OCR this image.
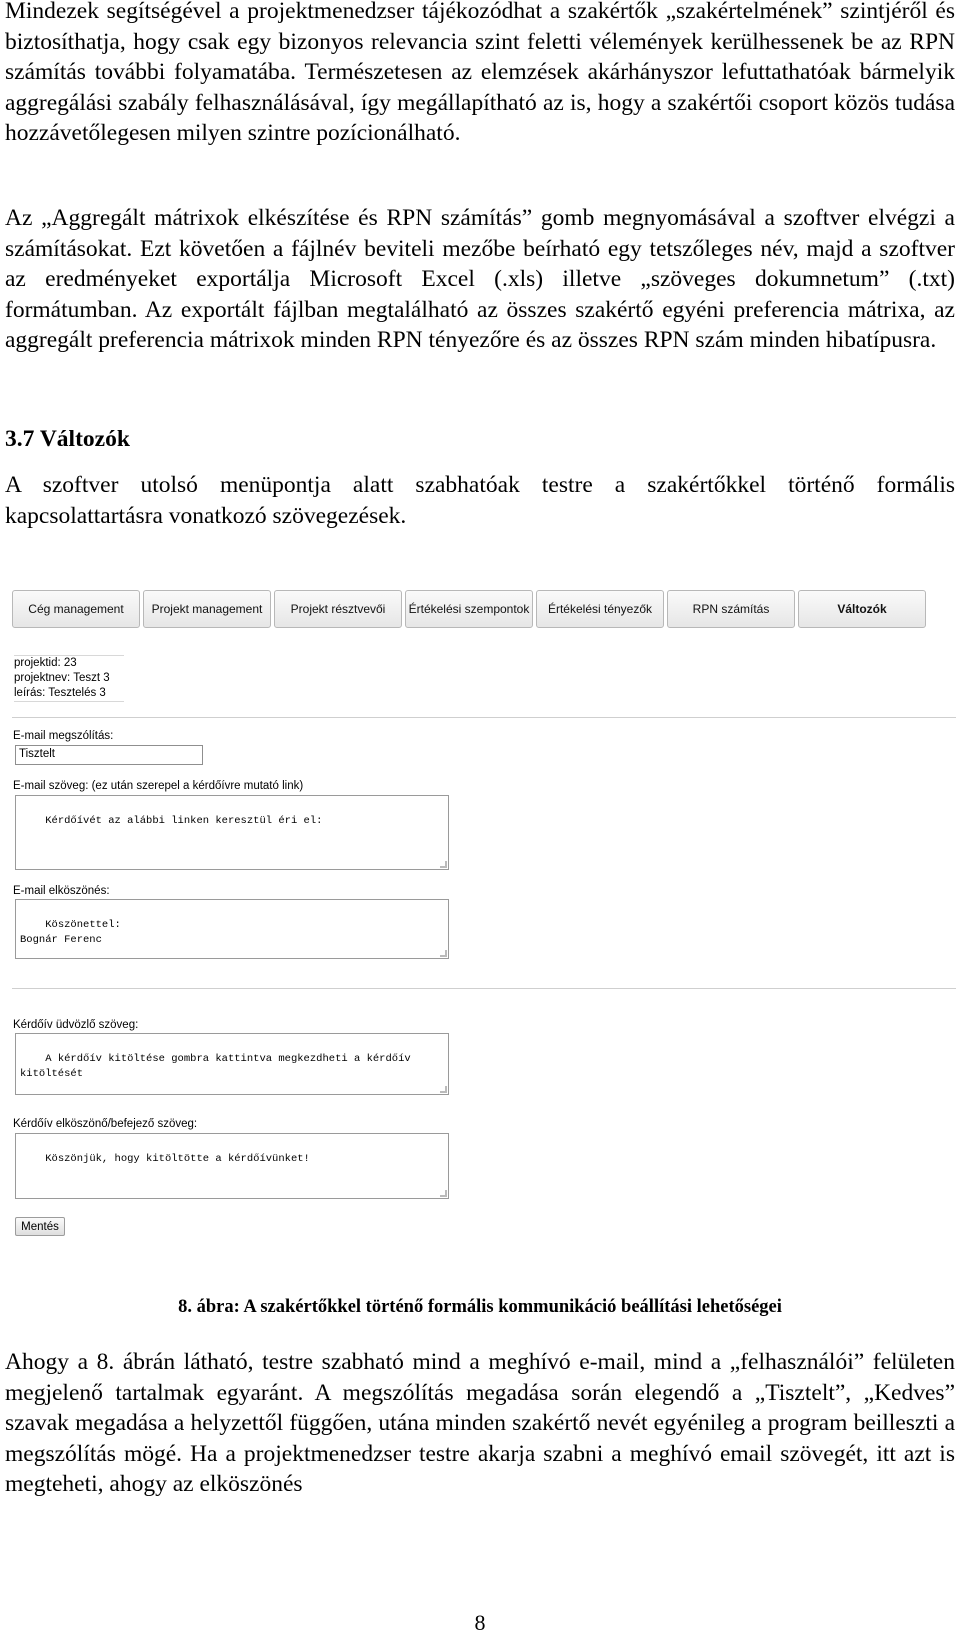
Mindezek segítségével a projektmenedzser tájékozódhat a szakértők „szakértelmének” szintjéről és biztosíthatja, hogy csak egy bizonyos relevancia szint feletti vélemények kerülhessenek be az RPN számítás további folyamatába. Természetesen az elemzések akárhányszor lefuttathatóak bármelyik aggregálási szabály felhasználásával, így megállapítható az is, hogy a szakértői csoport közös tudása hozzávetőlegesen milyen szintre pozícionálható.

Az „Aggregált mátrixok elkészítése és RPN számítás” gomb megnyomásával a szoftver elvégzi a számításokat. Ezt követően a fájlnév beviteli mezőbe beírható egy tetszőleges név, majd a szoftver az eredményeket exportálja Microsoft Excel (.xls) illetve „szöveges dokumnetum” (.txt) formátumban. Az exportált fájlban megtalálható az összes szakértő egyéni preferencia mátrixa, az aggregált preferencia mátrixok minden RPN tényezőre és az összes RPN szám minden hibatípusra.

3.7 Változók

A szoftver utolsó menüpontja alatt szabhatóak testre a szakértőkkel történő formális kapcsolattartásra vonatkozó szövegezések.

Cég management	Projekt management	Projekt résztvevői	Értékelési szempontok	Értékelési tényezők	RPN számítás	Változók
projektid: 23
projektnev: Teszt 3
leírás: Tesztelés 3
E-mail megszólítás:
Tisztelt
E-mail szöveg: (ez után szerepel a kérdőívre mutató link)

Kérdőívét az alábbi linken keresztül éri el:

E-mail elköszönés:

Köszönettel:
Bognár Ferenc

Kérdőív üdvözlő szöveg:

A kérdőív kitöltése gombra kattintva megkezdheti a kérdőív
kitöltését

Kérdőív elköszönő/befejező szöveg:

Köszönjük, hogy kitöltötte a kérdőívünket!

Mentés
8. ábra: A szakértőkkel történő formális kommunikáció beállítási lehetőségei

Ahogy a 8. ábrán látható, testre szabható mind a meghívó e-mail, mind a „felhasználói” felületen megjelenő tartalmak egyaránt. A megszólítás megadása során elegendő a „Tisztelt”, „Kedves” szavak megadása a helyzettől függően, utána minden szakértő nevét egyénileg a program beilleszti a megszólítás mögé. Ha a projektmenedzser testre akarja szabni a meghívó email szövegét, itt azt is megteheti, ahogy az elköszönés

8
